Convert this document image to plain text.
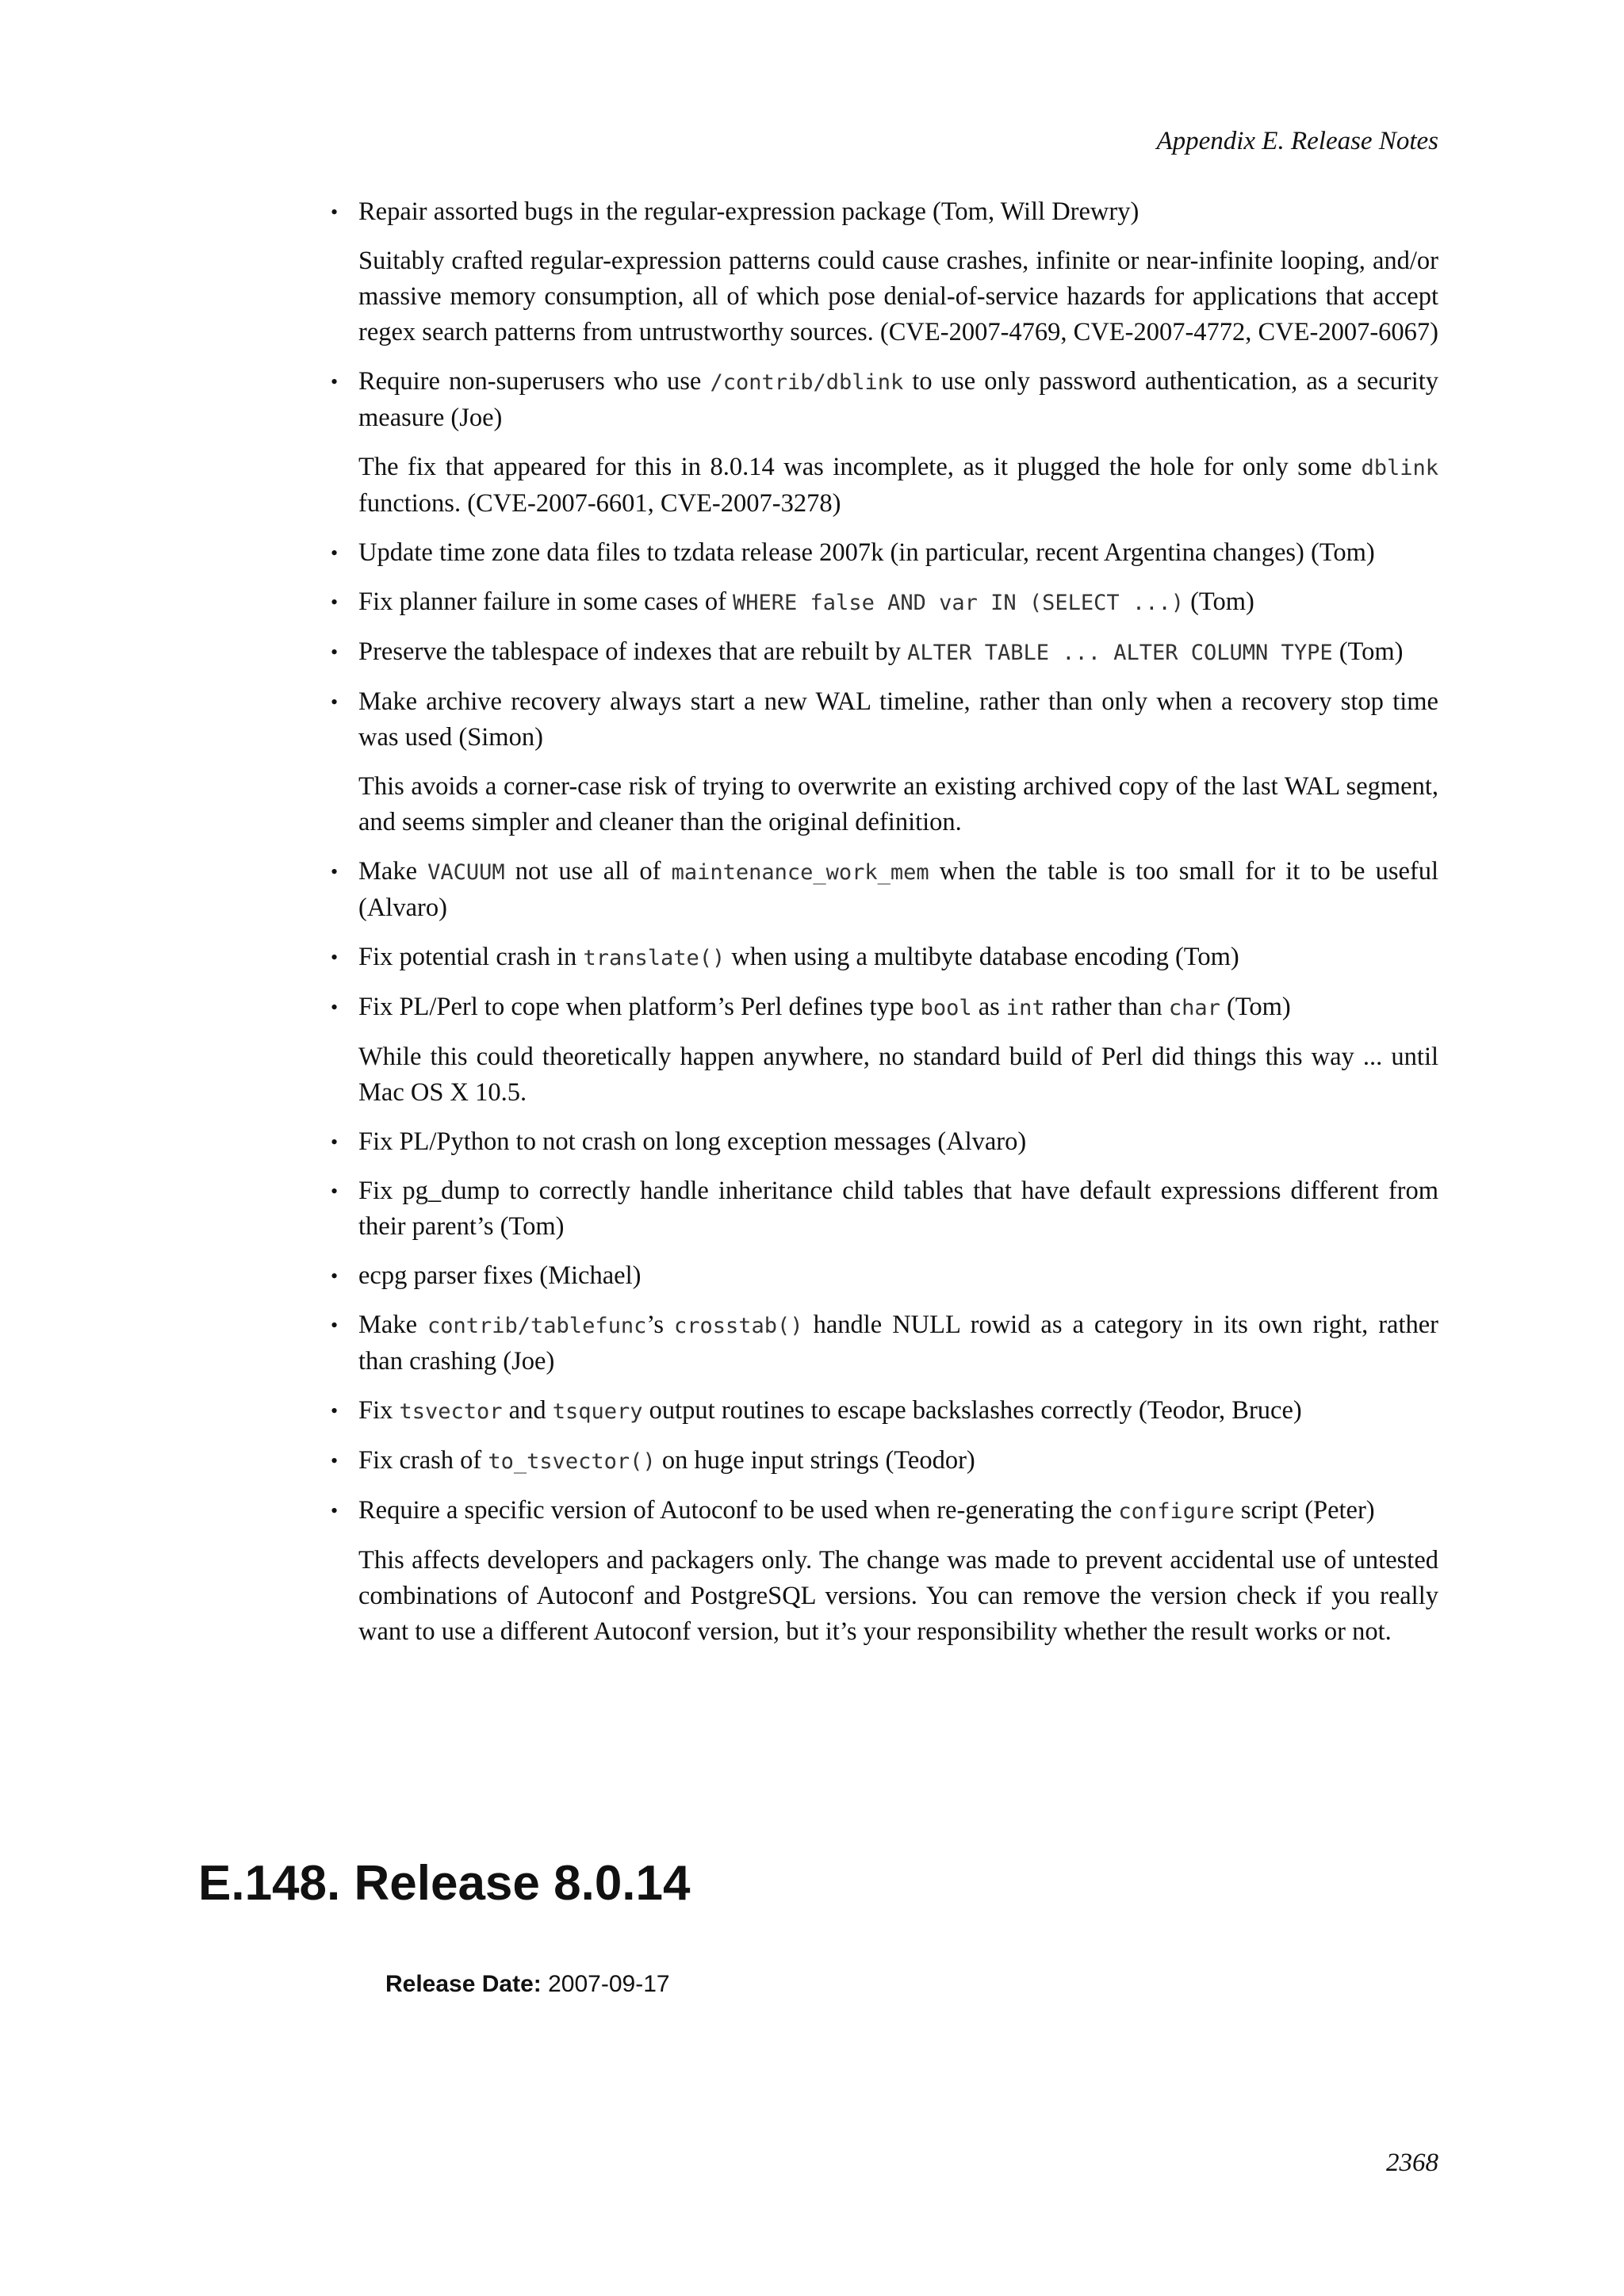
Appendix E. Release Notes
• Repair assorted bugs in the regular-expression package (Tom, Will Drewry)
Suitably crafted regular-expression patterns could cause crashes, infinite or near-infinite looping, and/or massive memory consumption, all of which pose denial-of-service hazards for applications that accept regex search patterns from untrustworthy sources. (CVE-2007-4769, CVE-2007-4772, CVE-2007-6067)
• Require non-superusers who use /contrib/dblink to use only password authentication, as a security measure (Joe)
The fix that appeared for this in 8.0.14 was incomplete, as it plugged the hole for only some dblink functions. (CVE-2007-6601, CVE-2007-3278)
• Update time zone data files to tzdata release 2007k (in particular, recent Argentina changes) (Tom)
• Fix planner failure in some cases of WHERE false AND var IN (SELECT ...) (Tom)
• Preserve the tablespace of indexes that are rebuilt by ALTER TABLE ... ALTER COLUMN TYPE (Tom)
• Make archive recovery always start a new WAL timeline, rather than only when a recovery stop time was used (Simon)
This avoids a corner-case risk of trying to overwrite an existing archived copy of the last WAL segment, and seems simpler and cleaner than the original definition.
• Make VACUUM not use all of maintenance_work_mem when the table is too small for it to be useful (Alvaro)
• Fix potential crash in translate() when using a multibyte database encoding (Tom)
• Fix PL/Perl to cope when platform’s Perl defines type bool as int rather than char (Tom)
While this could theoretically happen anywhere, no standard build of Perl did things this way ... until Mac OS X 10.5.
• Fix PL/Python to not crash on long exception messages (Alvaro)
• Fix pg_dump to correctly handle inheritance child tables that have default expressions different from their parent’s (Tom)
• ecpg parser fixes (Michael)
• Make contrib/tablefunc’s crosstab() handle NULL rowid as a category in its own right, rather than crashing (Joe)
• Fix tsvector and tsquery output routines to escape backslashes correctly (Teodor, Bruce)
• Fix crash of to_tsvector() on huge input strings (Teodor)
• Require a specific version of Autoconf to be used when re-generating the configure script (Peter)
This affects developers and packagers only. The change was made to prevent accidental use of untested combinations of Autoconf and PostgreSQL versions. You can remove the version check if you really want to use a different Autoconf version, but it’s your responsibility whether the result works or not.
E.148. Release 8.0.14
Release Date: 2007-09-17
2368
